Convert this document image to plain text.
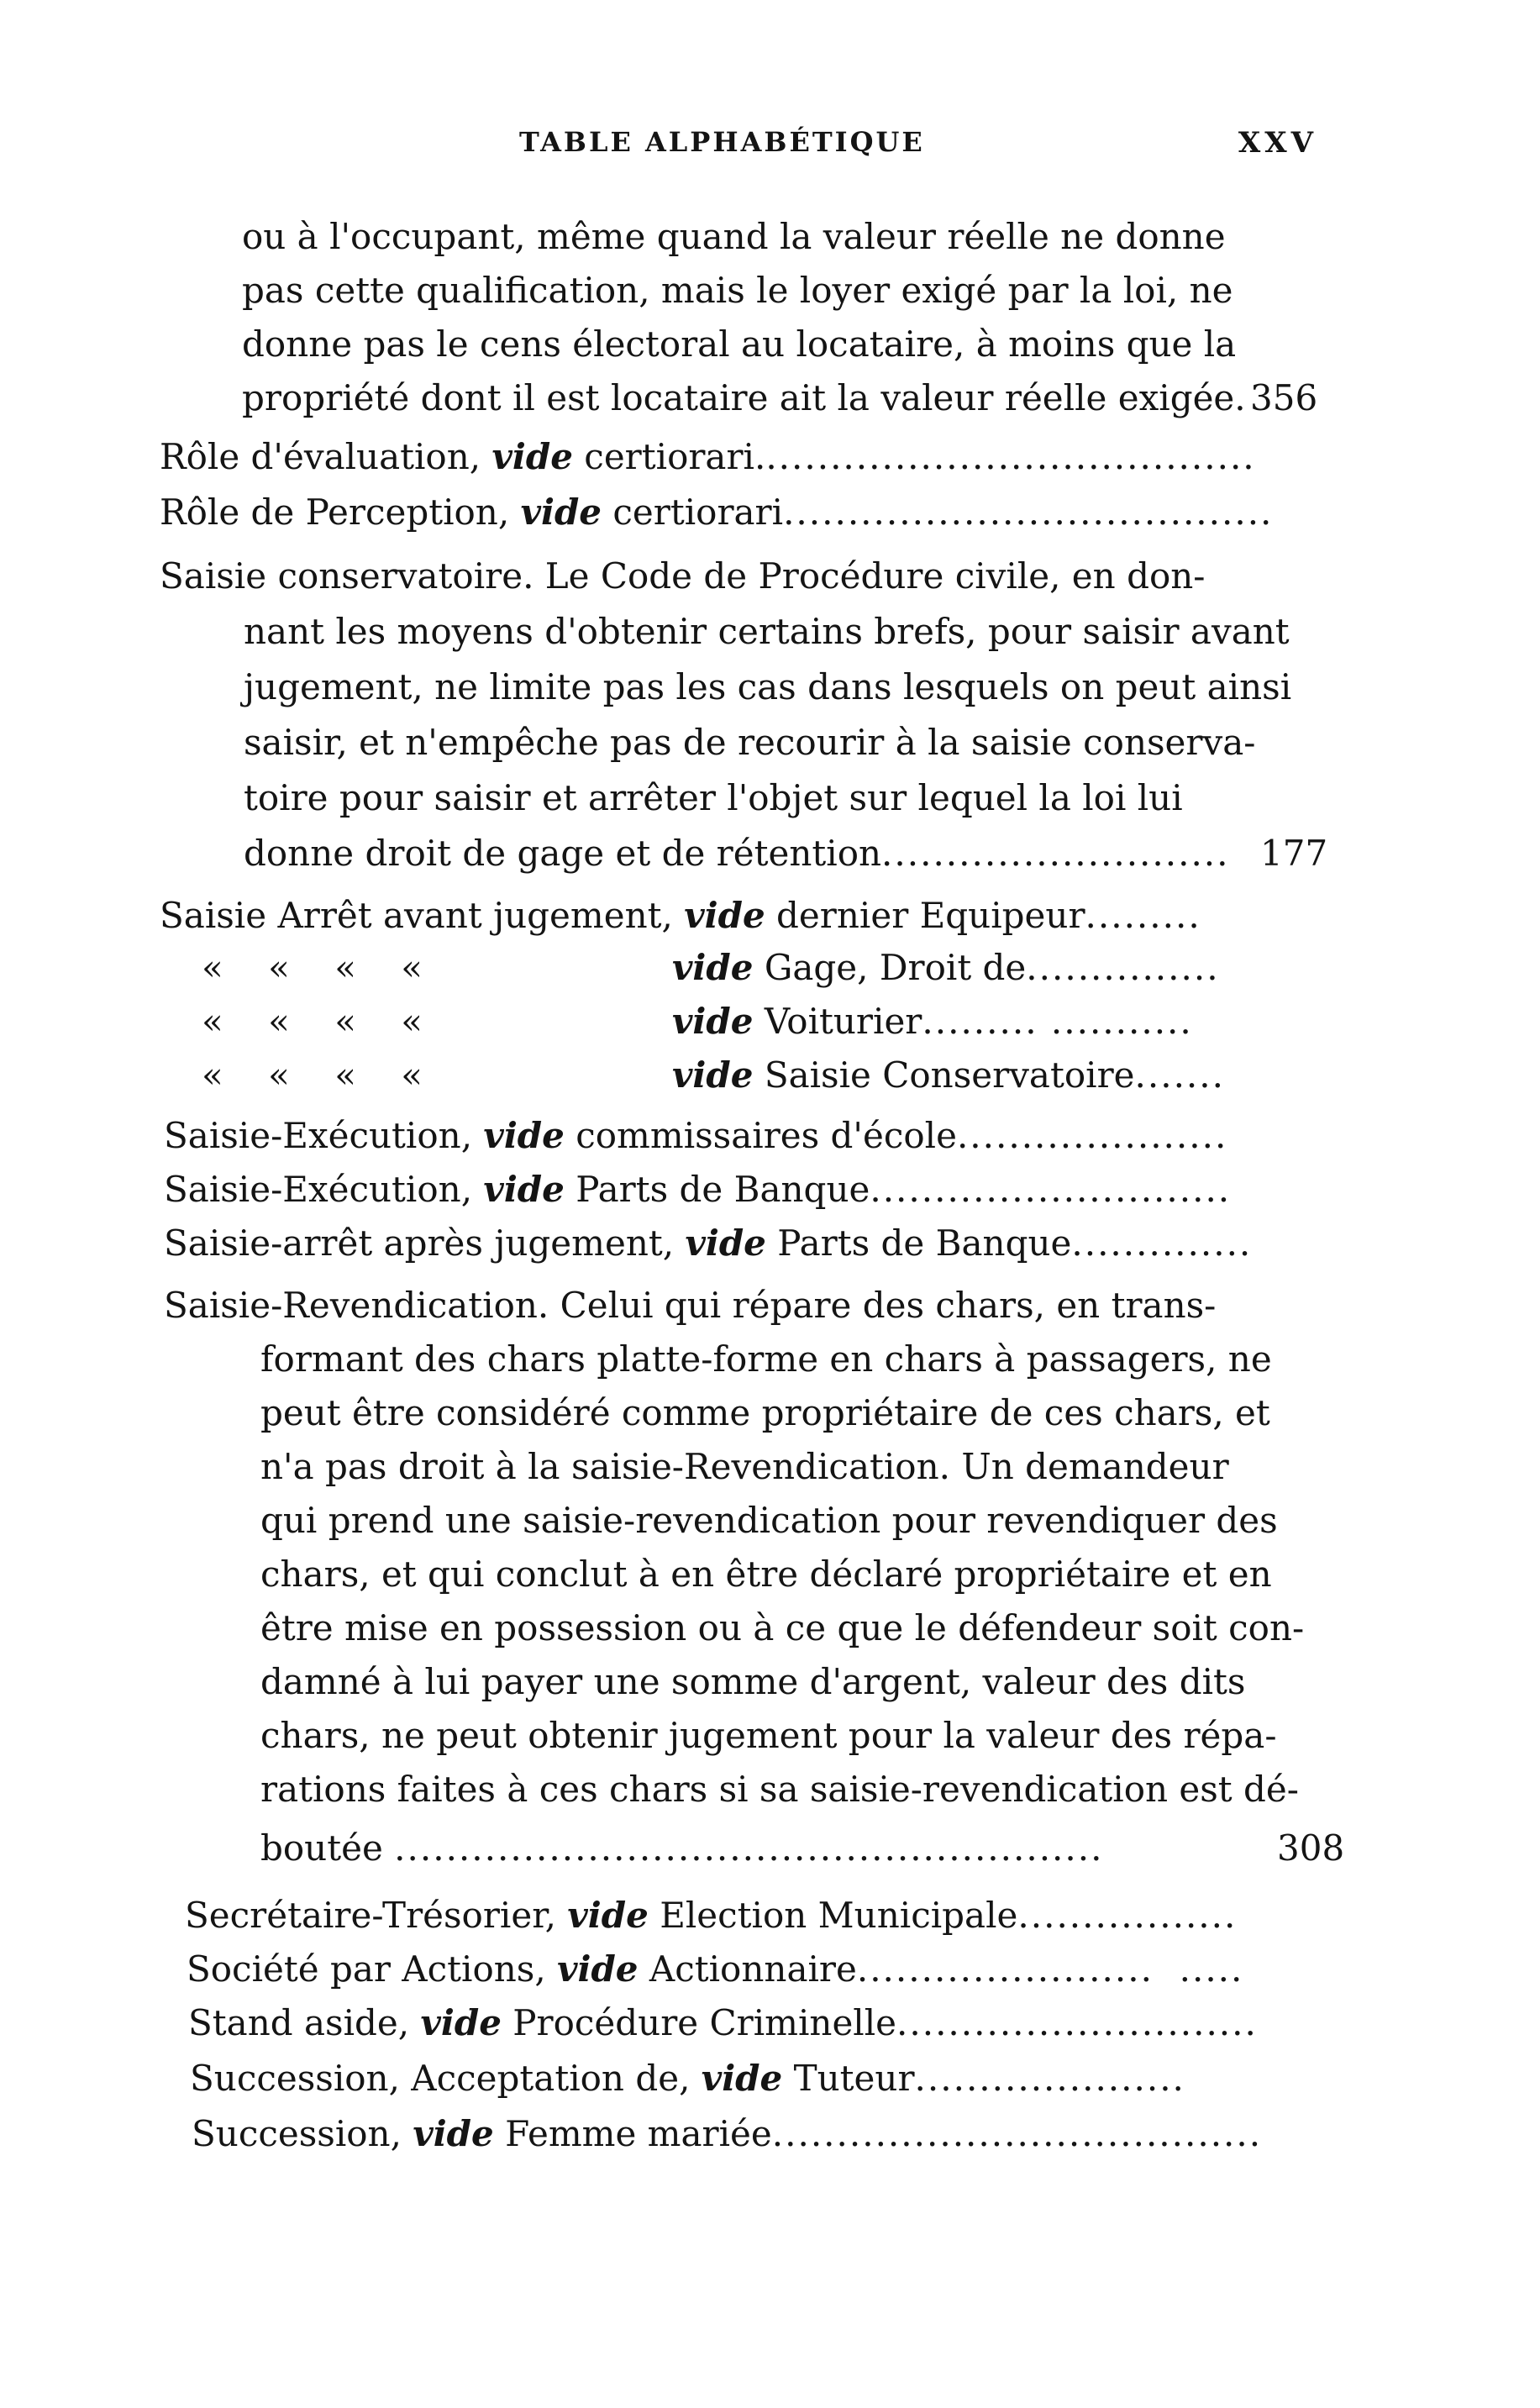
TABLE ALPHABÉTIQUE	XXV
ou à l'occupant, même quand la valeur réelle ne donne
pas cette qualification, mais le loyer exigé par la loi, ne
donne pas le cens électoral au locataire, à moins que la
propriété dont il est locataire ait la valeur réelle exigée. 356
Rôle d'évaluation, vide certiorari.......................................
Rôle de Perception, vide certiorari......................................
Saisie conservatoire. Le Code de Procédure civile, en don-
nant les moyens d'obtenir certains brefs, pour saisir avant
jugement, ne limite pas les cas dans lesquels on peut ainsi
saisir, et n'empêche pas de recourir à la saisie conserva-
toire pour saisir et arrêter l'objet sur lequel la loi lui
donne droit de gage et de rétention........................... 177
Saisie Arrêt avant jugement, vide dernier Equipeur.........
«    «    «    «	vide Gage, Droit de...............
«    «    «    «	vide Voiturier......... ...........
«    «    «    «	vide Saisie Conservatoire.......
Saisie-Exécution, vide commissaires d'école.....................
Saisie-Exécution, vide Parts de Banque............................
Saisie-arrêt après jugement, vide Parts de Banque..............
Saisie-Revendication. Celui qui répare des chars, en trans-
formant des chars platte-forme en chars à passagers, ne
peut être considéré comme propriétaire de ces chars, et
n'a pas droit à la saisie-Revendication. Un demandeur
qui prend une saisie-revendication pour revendiquer des
chars, et qui conclut à en être déclaré propriétaire et en
être mise en possession ou à ce que le défendeur soit con-
damné à lui payer une somme d'argent, valeur des dits
chars, ne peut obtenir jugement pour la valeur des répa-
rations faites à ces chars si sa saisie-revendication est dé-
boutée .......................................................	308
Secrétaire-Trésorier, vide Election Municipale.................
Société par Actions, vide Actionnaire.......................  .....
Stand aside, vide Procédure Criminelle............................
Succession, Acceptation de, vide Tuteur.....................
Succession, vide Femme mariée......................................
